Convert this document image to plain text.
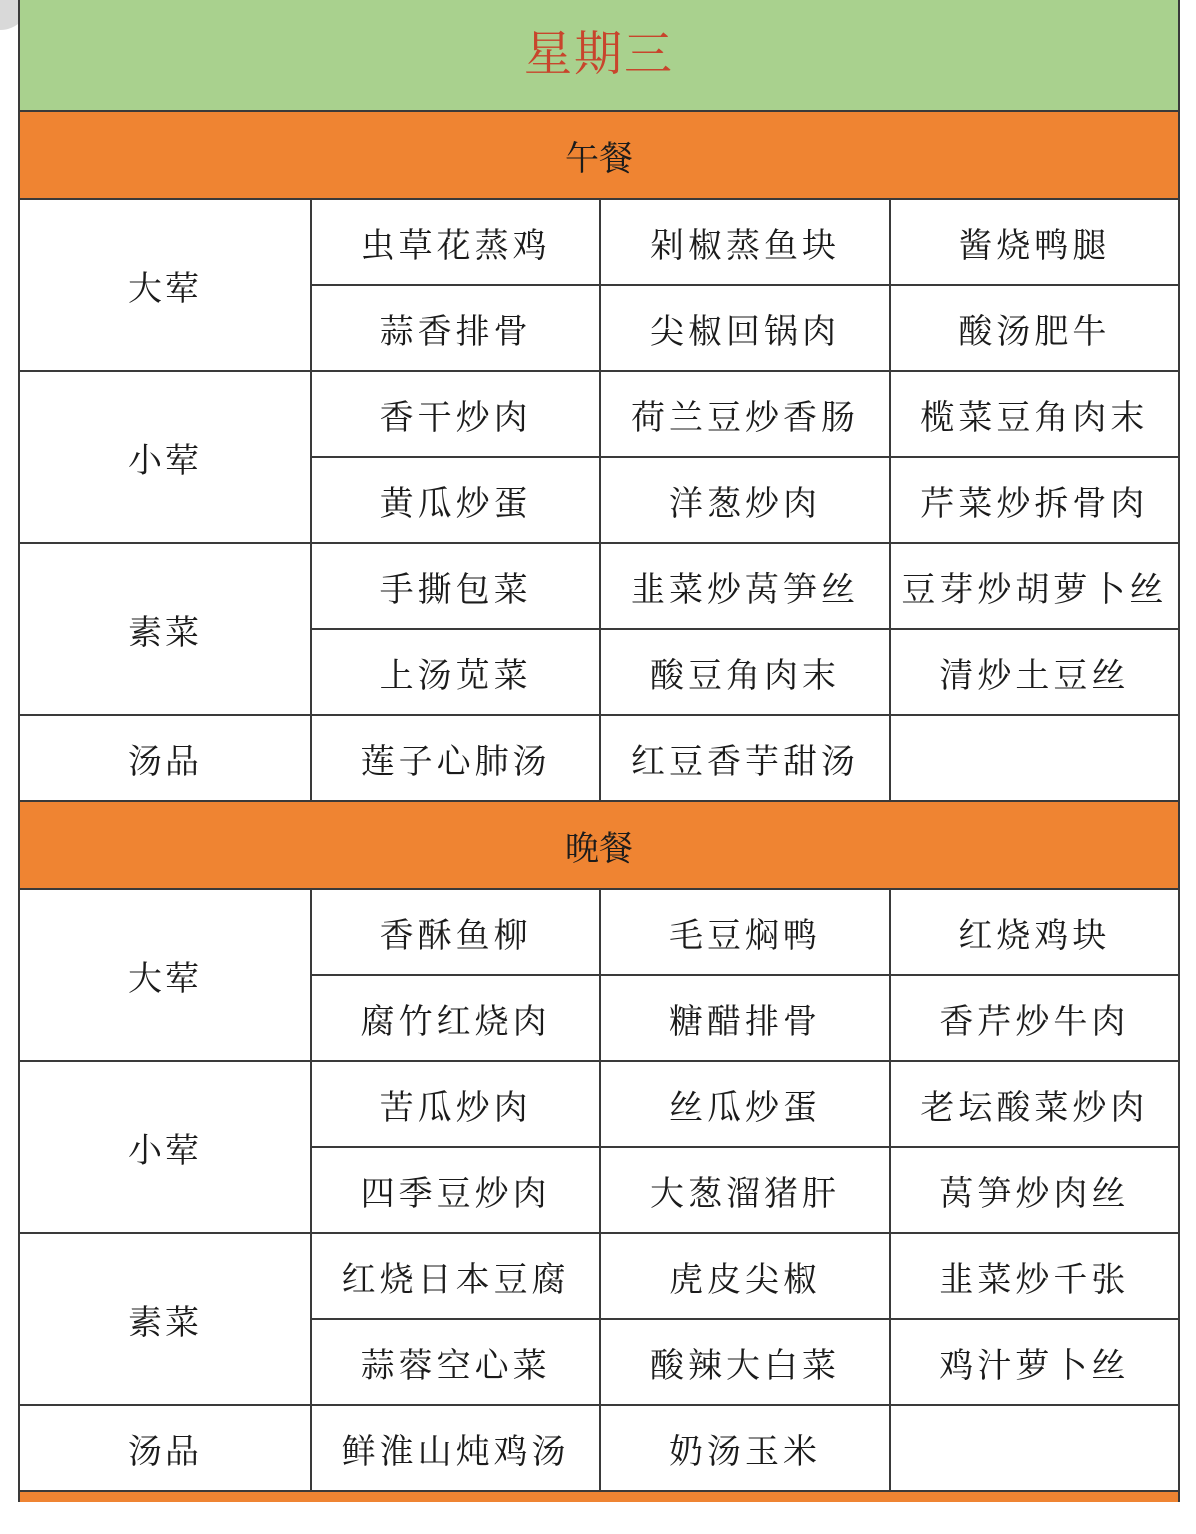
星期三
午餐
大荤	虫草花蒸鸡	剁椒蒸鱼块	酱烧鸭腿
	蒜香排骨	尖椒回锅肉	酸汤肥牛
小荤	香干炒肉	荷兰豆炒香肠	榄菜豆角肉末
	黄瓜炒蛋	洋葱炒肉	芹菜炒拆骨肉
素菜	手撕包菜	韭菜炒莴笋丝	豆芽炒胡萝卜丝
	上汤苋菜	酸豆角肉末	清炒土豆丝
汤品	莲子心肺汤	红豆香芋甜汤	
晚餐
大荤	香酥鱼柳	毛豆焖鸭	红烧鸡块
	腐竹红烧肉	糖醋排骨	香芹炒牛肉
小荤	苦瓜炒肉	丝瓜炒蛋	老坛酸菜炒肉
	四季豆炒肉	大葱溜猪肝	莴笋炒肉丝
素菜	红烧日本豆腐	虎皮尖椒	韭菜炒千张
	蒜蓉空心菜	酸辣大白菜	鸡汁萝卜丝
汤品	鲜淮山炖鸡汤	奶汤玉米	
